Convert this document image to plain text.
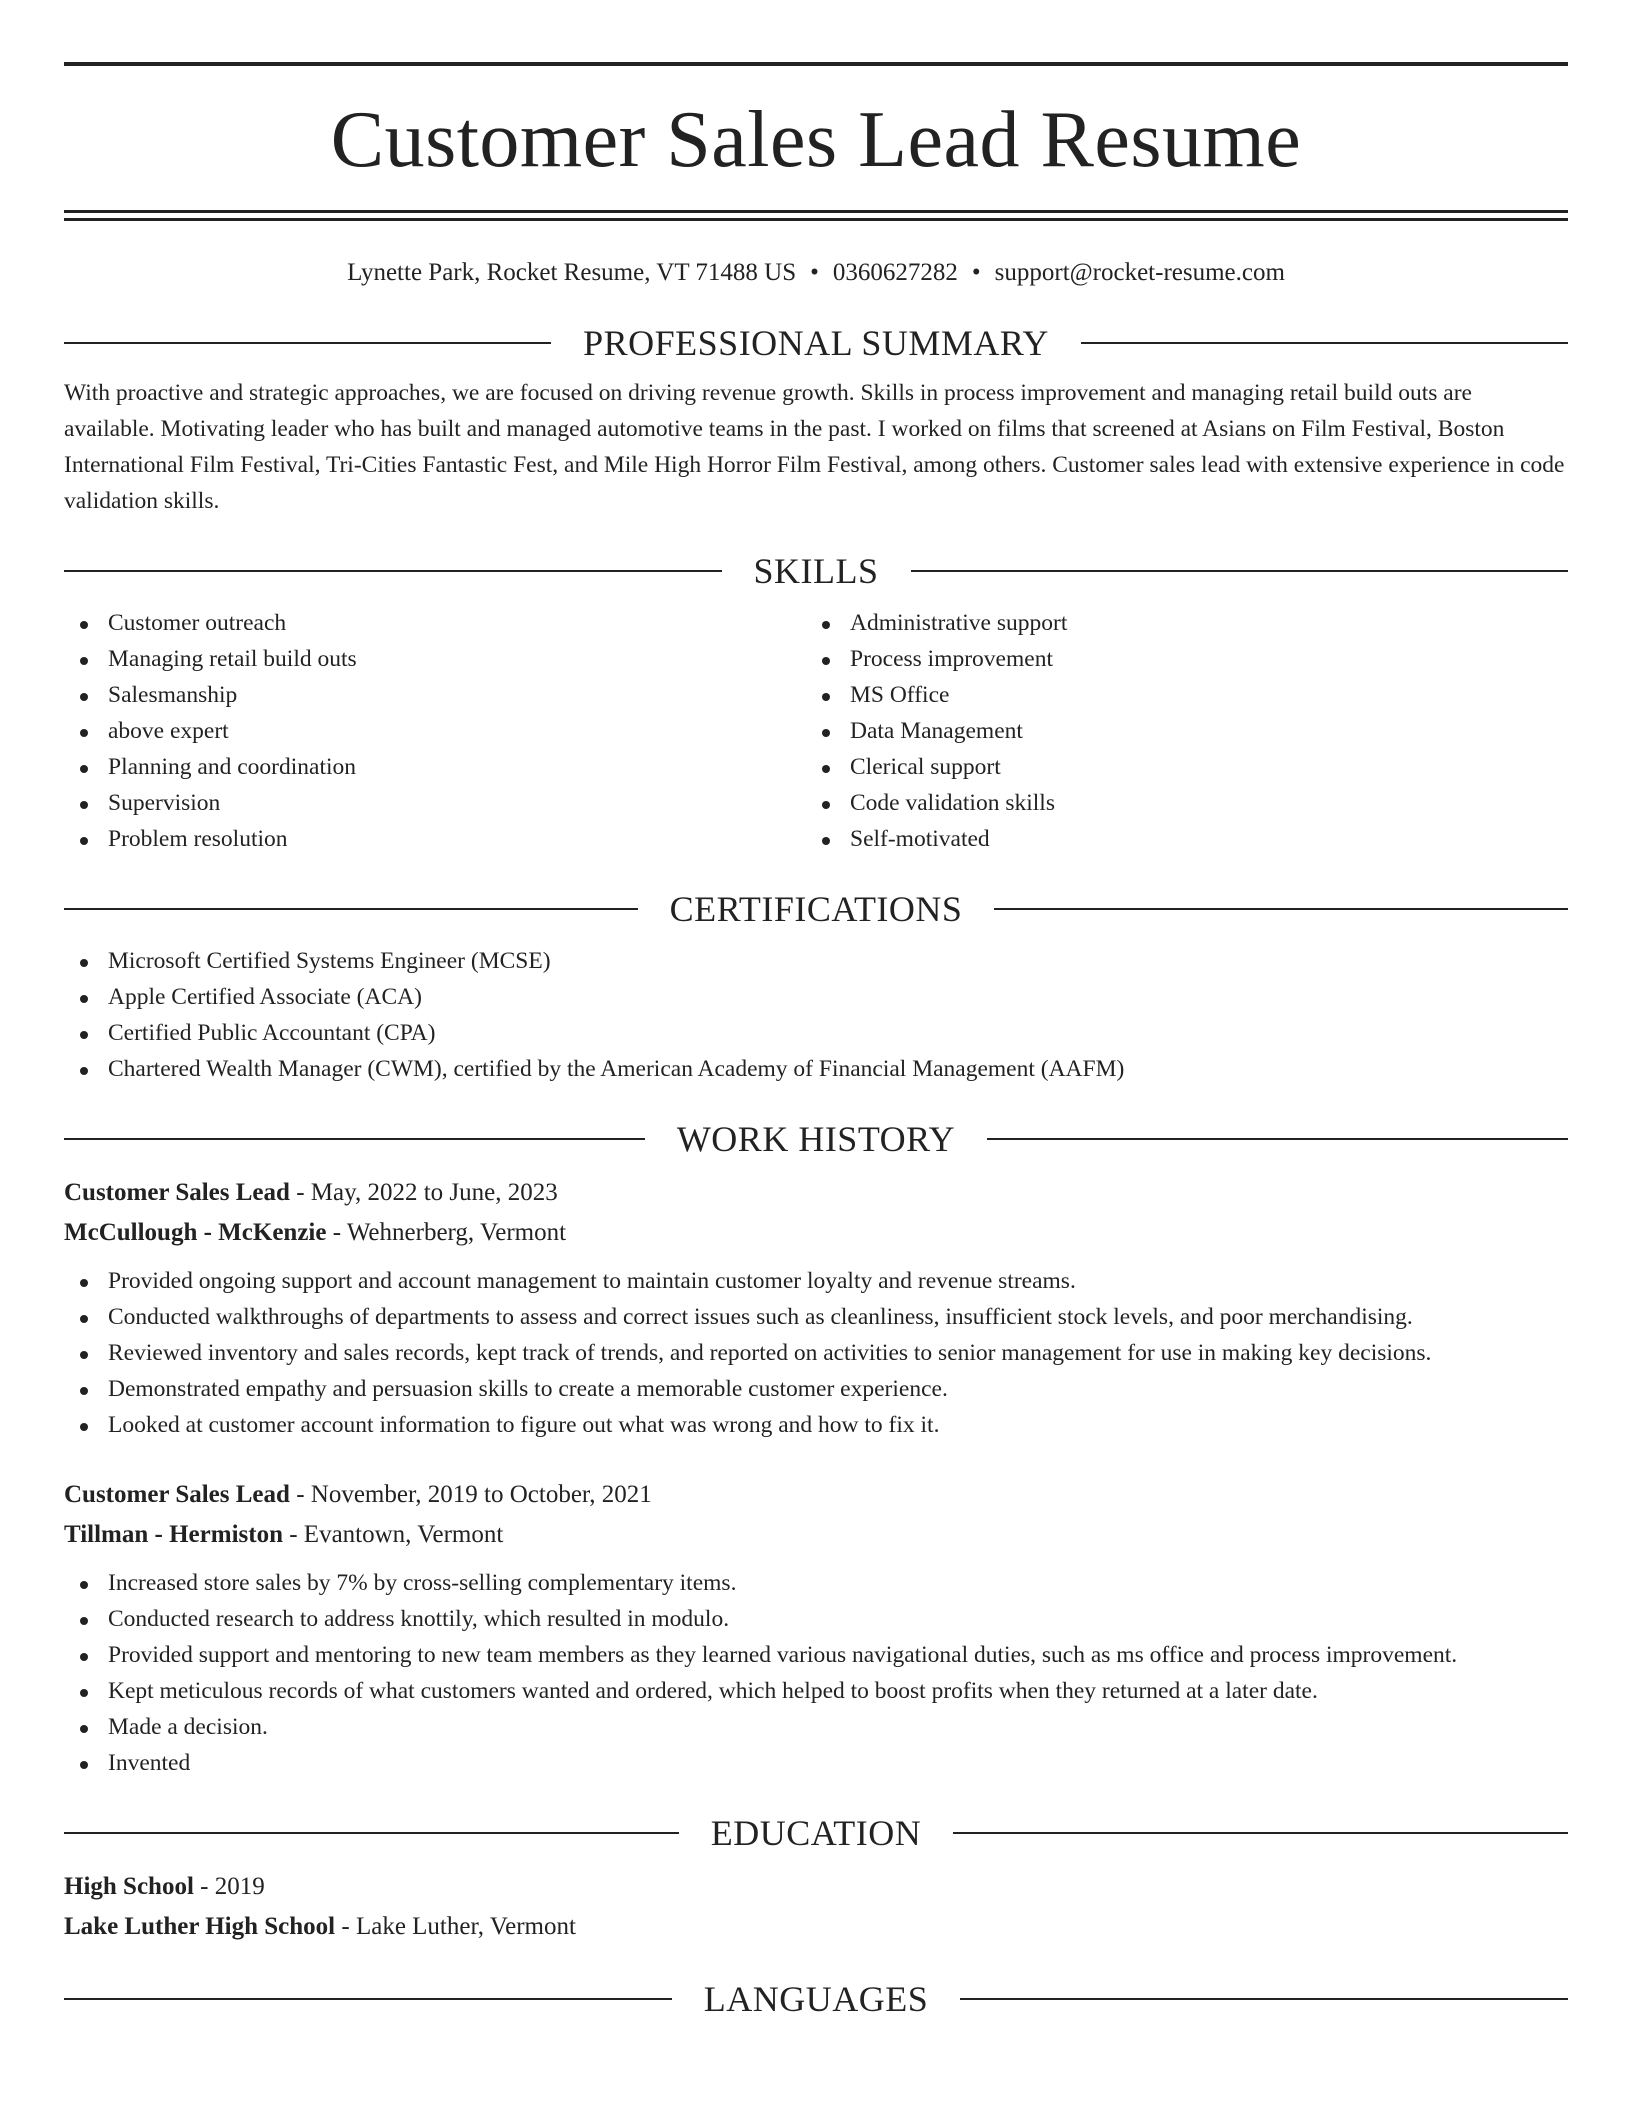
Customer Sales Lead Resume
Lynette Park, Rocket Resume, VT 71488 US • 0360627282 • support@rocket-resume.com
PROFESSIONAL SUMMARY

With proactive and strategic approaches, we are focused on driving revenue growth. Skills in process improvement and managing retail build outs are available. Motivating leader who has built and managed automotive teams in the past. I worked on films that screened at Asians on Film Festival, Boston International Film Festival, Tri-Cities Fantastic Fest, and Mile High Horror Film Festival, among others. Customer sales lead with extensive experience in code validation skills.

SKILLS
Customer outreach
Managing retail build outs
Salesmanship
above expert
Planning and coordination
Supervision
Problem resolution
Administrative support
Process improvement
MS Office
Data Management
Clerical support
Code validation skills
Self-motivated
CERTIFICATIONS
Microsoft Certified Systems Engineer (MCSE)
Apple Certified Associate (ACA)
Certified Public Accountant (CPA)
Chartered Wealth Manager (CWM), certified by the American Academy of Financial Management (AAFM)
WORK HISTORY
Customer Sales Lead - May, 2022 to June, 2023
McCullough - McKenzie - Wehnerberg, Vermont
Provided ongoing support and account management to maintain customer loyalty and revenue streams.
Conducted walkthroughs of departments to assess and correct issues such as cleanliness, insufficient stock levels, and poor merchandising.
Reviewed inventory and sales records, kept track of trends, and reported on activities to senior management for use in making key decisions.
Demonstrated empathy and persuasion skills to create a memorable customer experience.
Looked at customer account information to figure out what was wrong and how to fix it.
Customer Sales Lead - November, 2019 to October, 2021
Tillman - Hermiston - Evantown, Vermont
Increased store sales by 7% by cross-selling complementary items.
Conducted research to address knottily, which resulted in modulo.
Provided support and mentoring to new team members as they learned various navigational duties, such as ms office and process improvement.
Kept meticulous records of what customers wanted and ordered, which helped to boost profits when they returned at a later date.
Made a decision.
Invented
EDUCATION
High School - 2019
Lake Luther High School - Lake Luther, Vermont
LANGUAGES
